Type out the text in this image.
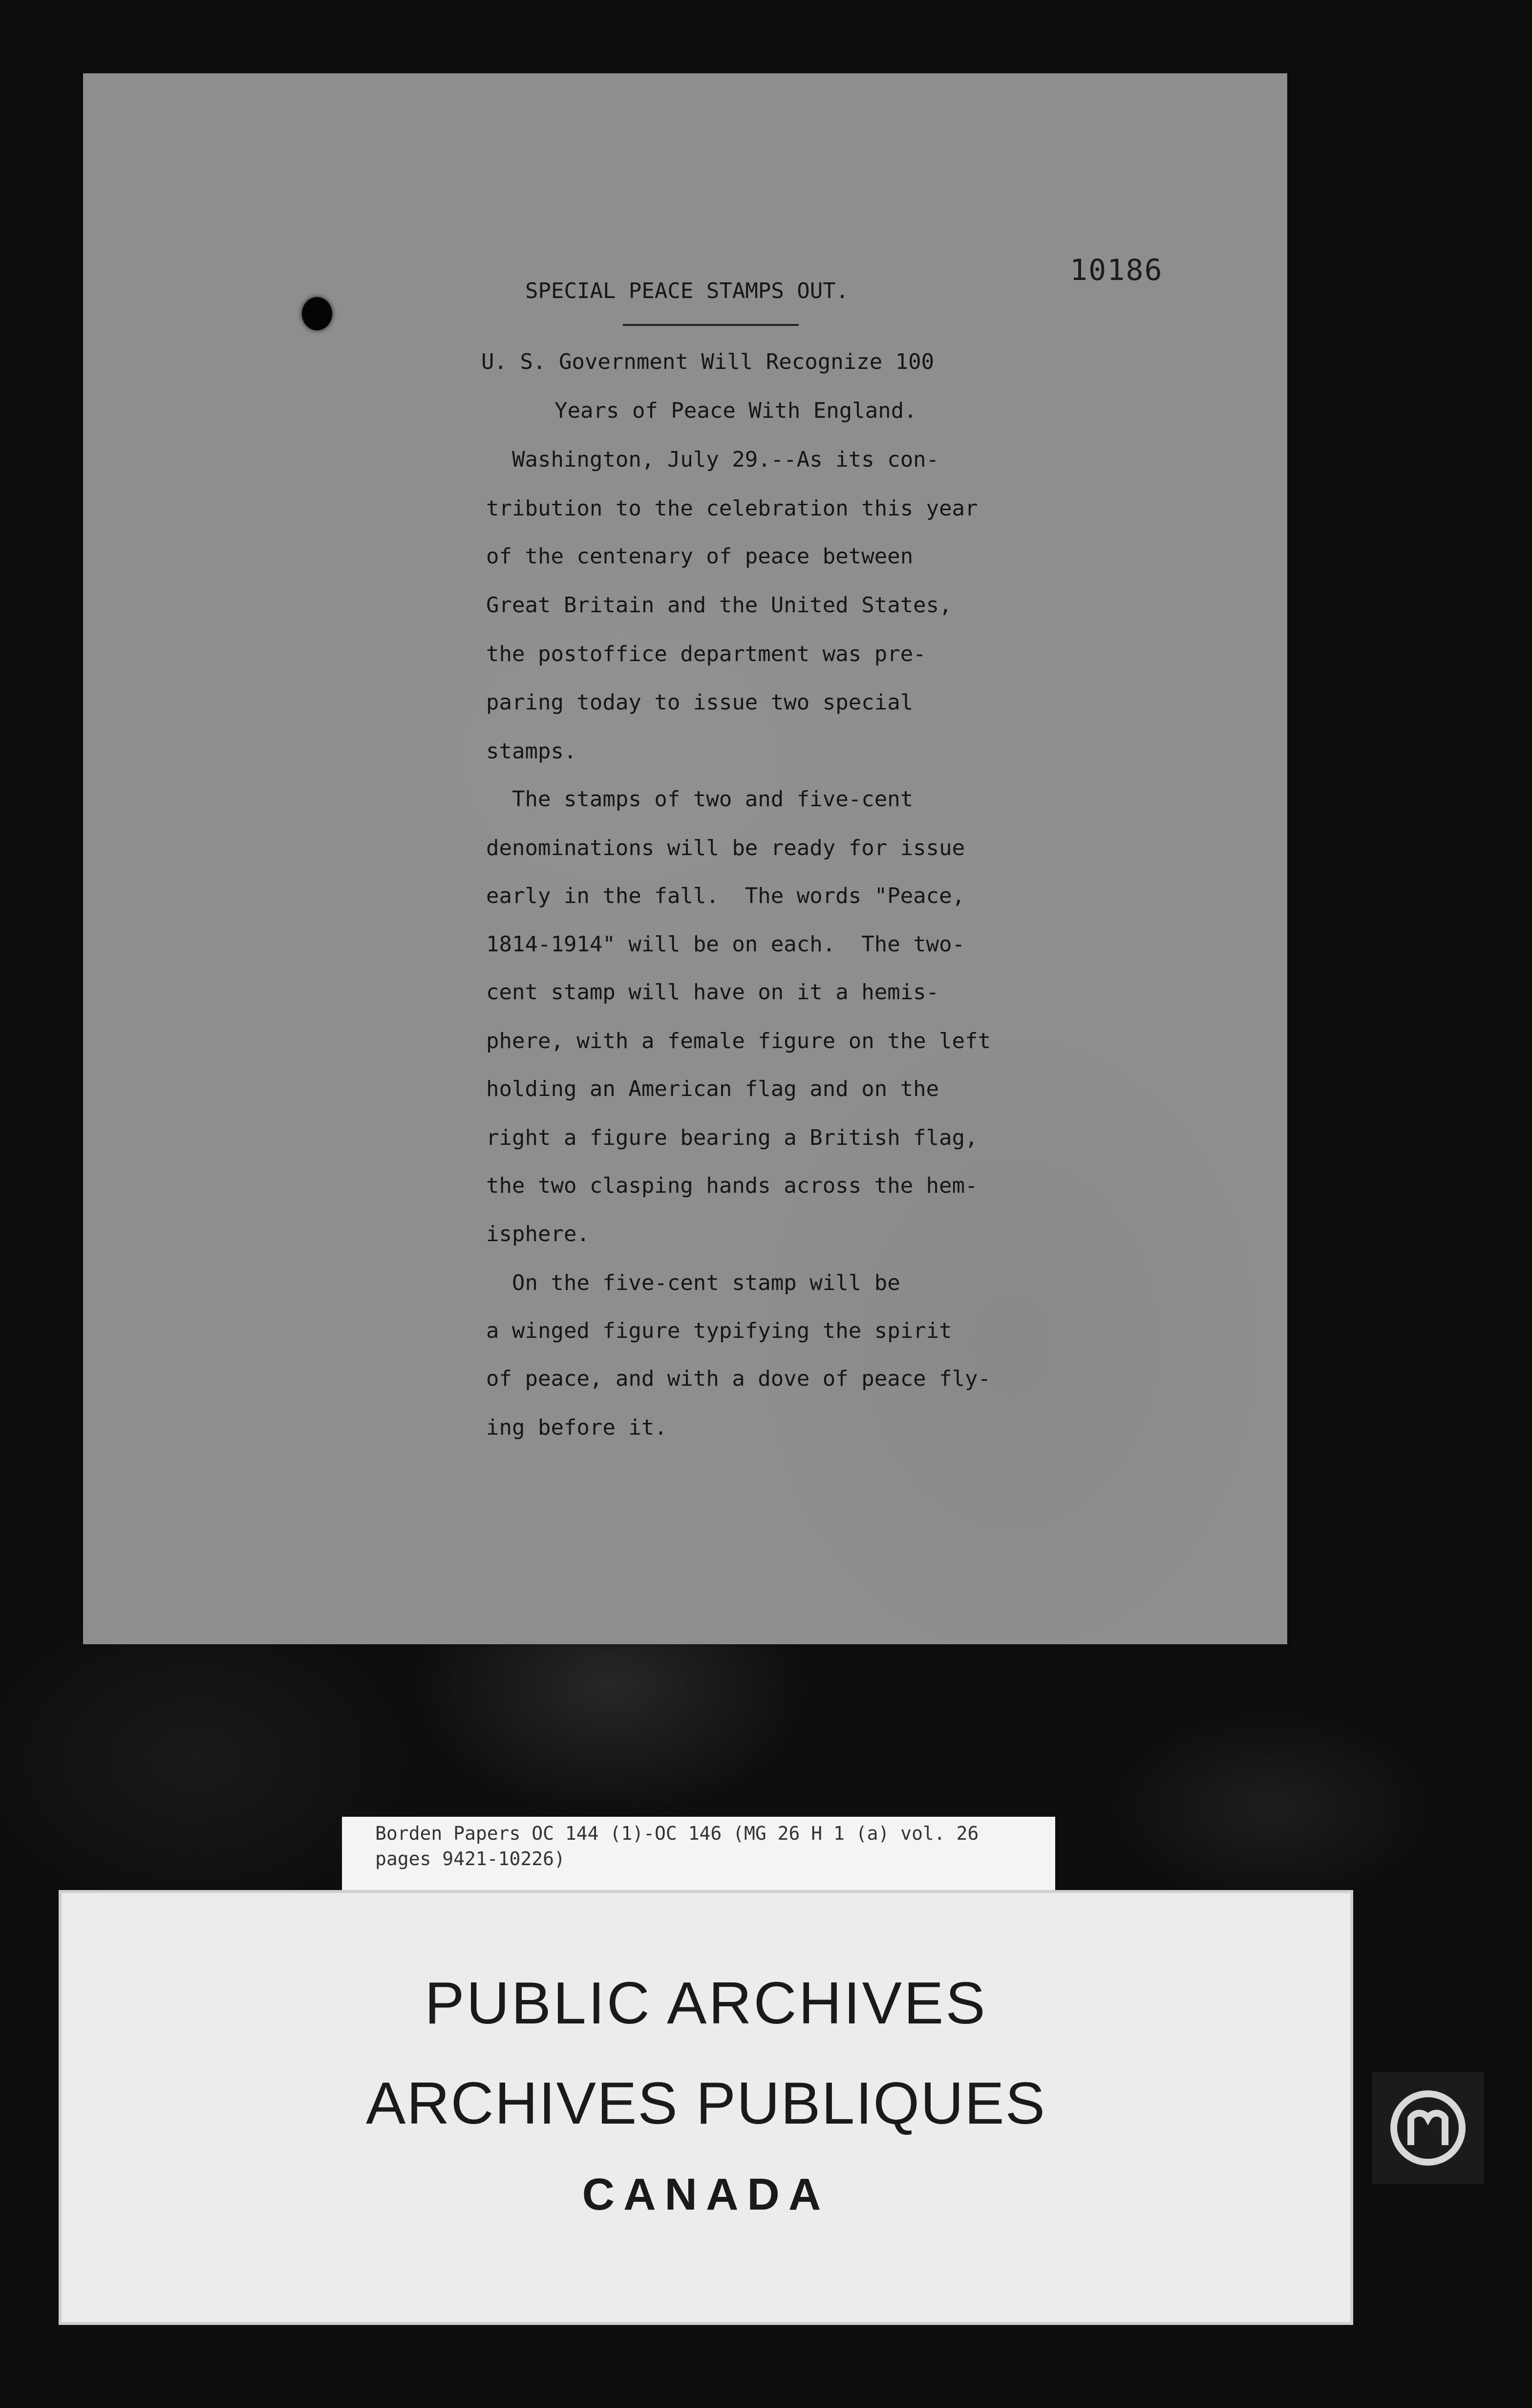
10186
SPECIAL PEACE STAMPS OUT.
U. S. Government Will Recognize 100
Years of Peace With England.
Washington, July 29.--As its con-
tribution to the celebration this year
of the centenary of peace between
Great Britain and the United States,
the postoffice department was pre-
paring today to issue two special
stamps.
The stamps of two and five-cent
denominations will be ready for issue
early in the fall.  The words "Peace,
1814-1914" will be on each.  The two-
cent stamp will have on it a hemis-
phere, with a female figure on the left
holding an American flag and on the
right a figure bearing a British flag,
the two clasping hands across the hem-
isphere.
On the five-cent stamp will be
a winged figure typifying the spirit
of peace, and with a dove of peace fly-
ing before it.
Borden Papers OC 144 (1)-OC 146 (MG 26 H 1 (a) vol. 26
pages 9421-10226)
PUBLIC ARCHIVES
ARCHIVES PUBLIQUES
CANADA
